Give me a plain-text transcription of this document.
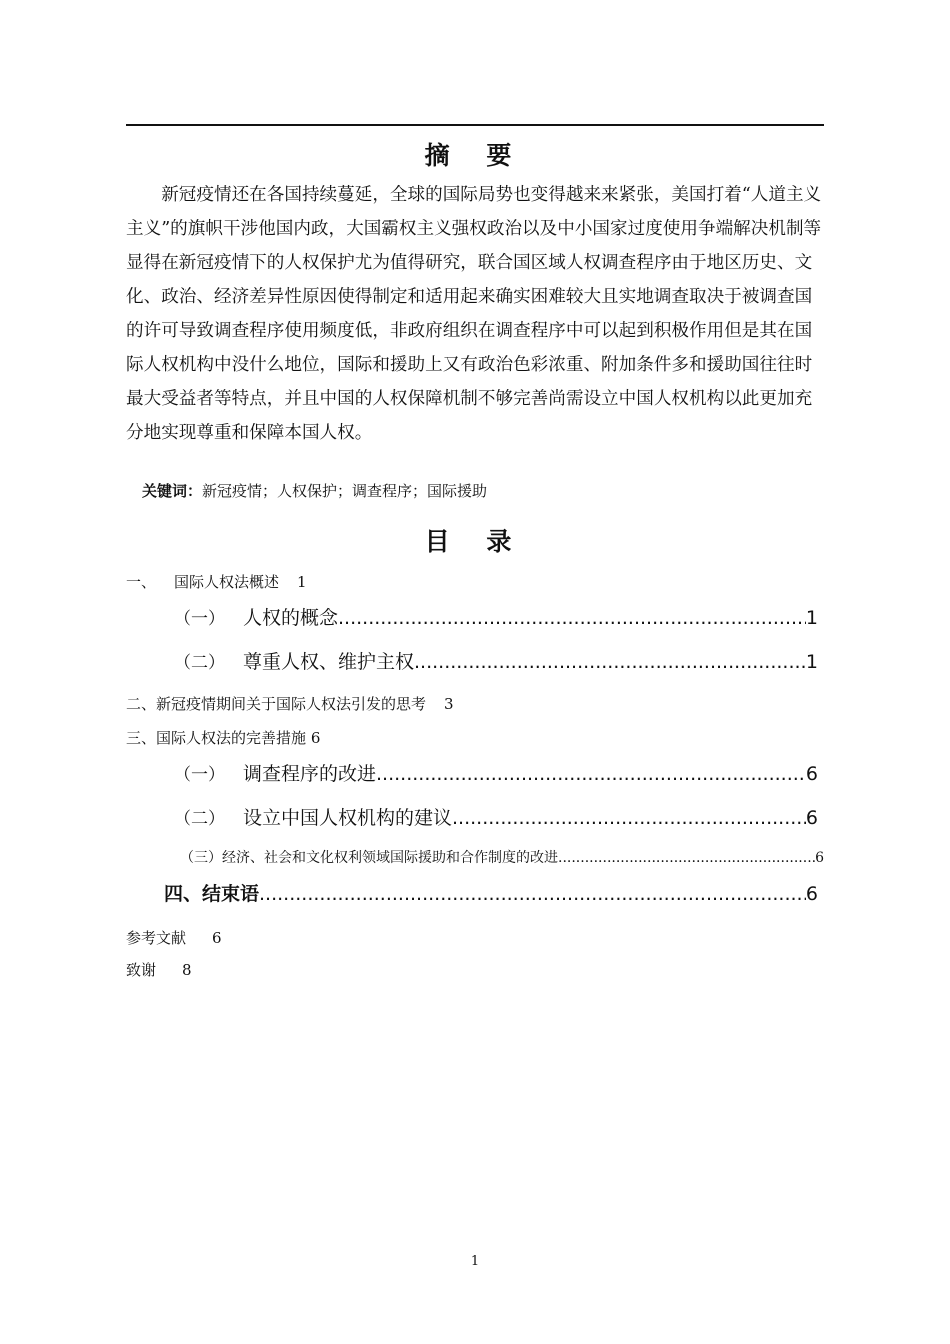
摘 要

新冠疫情还在各国持续蔓延，全球的国际局势也变得越来来紧张，美国打着“人道主义主义”的旗帜干涉他国内政，大国霸权主义强权政治以及中小国家过度使用争端解决机制等显得在新冠疫情下的人权保护尤为值得研究，联合国区域人权调查程序由于地区历史、文化、政治、经济差异性原因使得制定和适用起来确实困难较大且实地调查取决于被调查国的许可导致调查程序使用频度低，非政府组织在调查程序中可以起到积极作用但是其在国际人权机构中没什么地位，国际和援助上又有政治色彩浓重、附加条件多和援助国往往时最大受益者等特点，并且中国的人权保障机制不够完善尚需设立中国人权机构以此更加充分地实现尊重和保障本国人权。

关键词：新冠疫情；人权保护；调查程序；国际援助
目 录
一、 国际人权法概述 1
（一） 人权的概念 .....	1
（二） 尊重人权、维护主权 .....	1
二、新冠疫情期间关于国际人权法引发的思考 3
三、国际人权法的完善措施 6
（一） 调查程序的改进 .....	6
（二） 设立中国人权机构的建议 .....	6
（三）经济、社会和文化权利领域国际援助和合作制度的改进 .....	6
四、结束语 .....	6
参考文献 6
致谢 8
1
